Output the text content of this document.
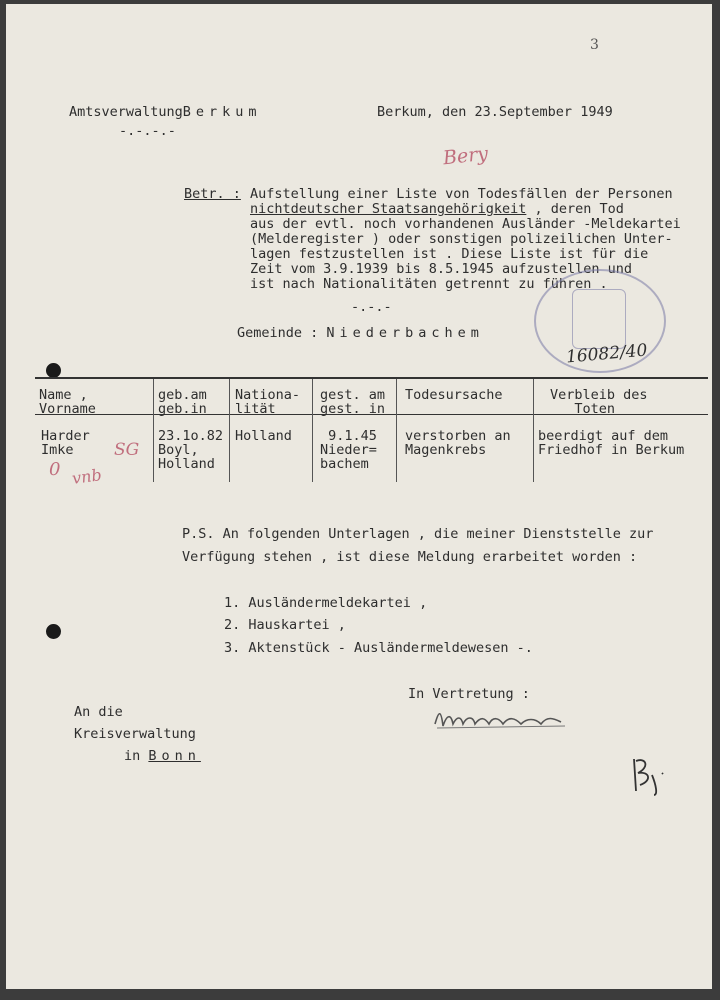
3
AmtsverwaltungBerkum
-.-.-.-
Berkum, den 23.September 1949
Bery
Betr. : Aufstellung einer Liste von Todesfällen der Personen
nichtdeutscher Staatsangehörigkeit , deren Tod
aus der evtl. noch vorhandenen Ausländer -Meldekartei
(Melderegister ) oder sonstigen polizeilichen Unter-
lagen festzustellen ist . Diese Liste ist für die
Zeit vom 3.9.1939 bis 8.5.1945 aufzustellen und
ist nach Nationalitäten getrennt zu führen .
-.-.-
Gemeinde : Niederbachem
16082/40
Name ,
Vorname
geb.am
geb.in
Nationa-
lität
gest. am
gest. in
Todesursache	Verbleib des
Toten
Harder
Imke
23.1o.82
Boyl,
Holland
Holland	9.1.45
Nieder=
bachem
verstorben an
Magenkrebs
beerdigt auf dem
Friedhof in Berkum
SG
0 vnb
P.S. An folgenden Unterlagen , die meiner Dienststelle zur
Verfügung stehen , ist diese Meldung erarbeitet worden :
1. Ausländermeldekartei ,
2. Hauskartei ,
3. Aktenstück - Ausländermeldewesen -.
In Vertretung :
An die
Kreisverwaltung
in Bonn
